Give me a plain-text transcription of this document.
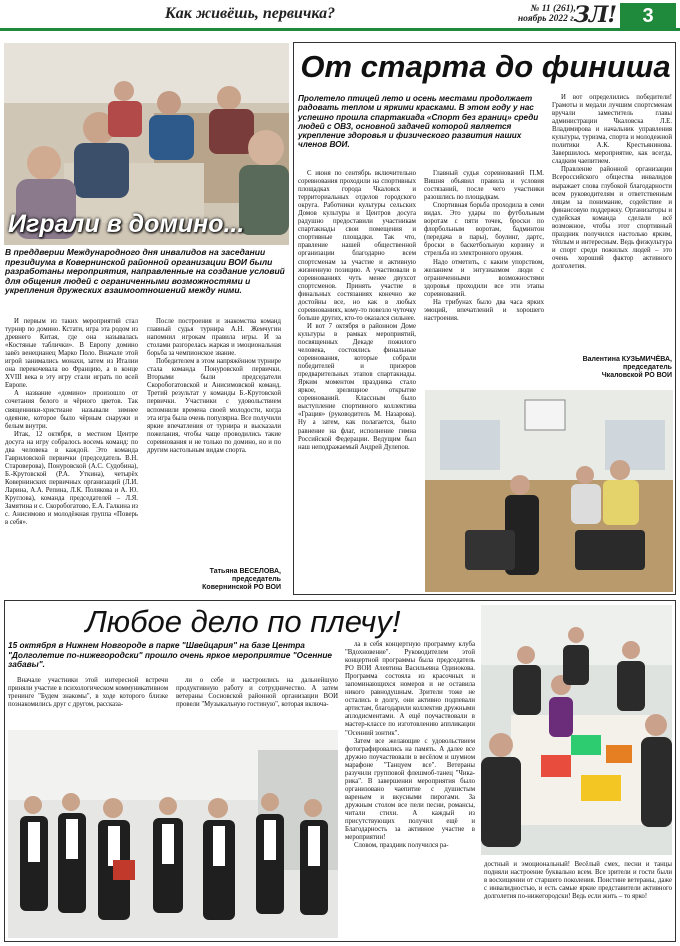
Как живёшь, первичка?	№ 11 (261),
ноябрь 2022 г.
ЗЛ!	3
Играли в домино...
В преддверии Международного дня инвалидов на заседании президиума в Ковернинской районной организации ВОИ были разработаны мероприятия, направленные на создание условий для общения людей с ограниченными возможностями и укрепления дружеских взаимоотношений между ними.

И первым из таких мероприятий стал турнир по домино. Кстати, игра эта родом из древнего Китая, где она называлась «Костяные таблички». В Европу домино завёз венецианец Марко Поло. Вначале этой игрой занимались монахи, затем из Италии она перекочевала во Францию, а в конце XVIII века в эту игру стали играть по всей Европе.

А название «домино» произошло от сочетания белого и чёрного цветов. Так священники-христиане называли зимнее одеяние, которое было чёрным снаружи и белым внутри.

Итак, 12 октября, в местном Центре досуга на игру собралось восемь команд: по два человека в каждой. Это команда Гавриловской первички (председатель В.Н. Староверова), Понуровской (А.С. Судобина), Б.-Крутовской (Р.А. Уткина), четырёх Ковернинских первичных организаций (Л.И. Ларина, А.А. Репина, Л.К. Полякова и А. Ю. Круглова), команда председателей – Л.Я. Замятина и с. Скоробогатово, Е.А. Галкина из с. Анисимово и молодёжная группа «Поверь в себя».

После построения и знакомства команд главный судья турнира А.Н. Жемчугин напомнил игрокам правила игры. И за столами разгорелась жаркая и эмоциональная борьба за чемпионское звание.

Победителем в этом напряжённом турнире стала команда Понуровской первички. Вторыми были председатели Скоробогатовской и Анисимовской команд. Третий результат у команды Б.-Крутовской первички. Участники с удовольствием вспомнили времена своей молодости, когда эта игра была очень популярна. Все получили яркие впечатления от турнира и высказали пожелания, чтобы чаще проводились такие соревнования и не только по домино, но и по другим настольным видам спорта.

Татьяна ВЕСЕЛОВА,
председатель
Ковернинской РО ВОИ
От старта до финиша
Пролетело птицей лето и осень местами продолжает радовать теплом и яркими красками. В этом году у нас успешно прошла спартакиада «Спорт без границ» среди людей с ОВЗ, основной задачей которой является укрепление здоровья и физического развития наших членов ВОИ.

С июня по сентябрь включительно соревнования проходили на спортивных площадках города Чкаловск и территориальных отделов городского округа. Работники культуры сельских Домов культуры и Центров досуга радушно предоставили участникам спартакиады свои помещения и спортивные площадки. Так что, правление нашей общественной организации благодарно всем спортсменам за участие и активную жизненную позицию. А участвовали в соревнованиях чуть менее двухсот спортсменов. Принять участие в финальных состязаниях конечно же достойны все, но как в любых соревнованиях, кому-то повезло чуточку больше других, кто-то оказался сильнее.

И вот 7 октября в районном Доме культуры в рамках мероприятий, посвященных Декаде пожилого человека, состоялись финальные соревнования, которые собрали победителей и призеров предварительных этапов спартакиады. Ярким моментом праздника стало яркое, зрелищное открытие соревнований. Классным было выступление спортивного коллектива «Грация» (руководитель М. Назарова). Ну а затем, как полагается, было равнение на флаг, исполнение гимна Российской Федерации. Ведущим был наш неподражаемый Андрей Дулепов.

Главный судья соревнований П.М. Вишня объявил правила и условия состязаний, после чего участники разошлись по площадкам.

Спортивная борьба проходила в семи видах. Это удары по футбольным воротам с пяти точек, броски по флорбольным воротам, бадминтон (передача в пары), боулинг, дартс, броски в баскетбольную корзину и стрельба из электронного оружия.

Надо отметить, с каким упорством, желанием и энтузиазмом люди с ограниченными возможностями здоровья проходили все эти этапы соревнований.

На трибунах было два часа ярких эмоций, впечатлений и хорошего настроения.

И вот определились победители! Грамоты и медали лучшим спортсменам вручали заместитель главы администрации Чкаловска Л.Е. Владимирова и начальник управления культуры, туризма, спорта и молодежной политики А.К. Крестьянинова. Завершилось мероприятие, как всегда, сладким чаепитием.

Правление районной организации Всероссийского общества инвалидов выражает слова глубокой благодарности всем руководителям и ответственным лицам за понимание, содействие и финансовую поддержку. Организаторы и судейская команда сделали всё возможное, чтобы этот спортивный праздник получился настолько ярким, тёплым и интересным. Ведь физкультура и спорт среди пожилых людей – это очень хороший фактор активного долголетия.

Валентина КУЗЬМИЧЁВА,
председатель
Чкаловской РО ВОИ
Любое дело по плечу!
15 октября в Нижнем Новгороде в парке "Швейцария" на базе Центра "Долголетие по-нижегородски" прошло очень яркое мероприятие "Осенние забавы".

Вначале участники этой интересной встречи приняли участие в психологическом коммуникативном тренинге "Будем знакомы", в ходе которого близке познакомились друг с другом, рассказа-

ли о себе и настроились на дальнейшую продуктивную работу и сотрудничество. А затем ветераны Сосновской районной организации ВОИ провели "Музыкальную гостиную", которая включа-

ла в себя концертную программу клуба "Вдохновение". Руководителем этой концертной программы была председатель РО ВОИ Алевтина Васильевна Одинокова. Программа состояла из красочных и запоминающихся номеров и не оставила никого равнодушным. Зрители тоже не остались в долгу, они активно подпевали артистам, благодарили коллектив дружными аплодисментами. А ещё поучаствовали в мастер-классе по изготовлению аппликации "Осенний зонтик".

Затем все желающие с удовольствием фотографировались на память. А далее все дружно поучаствовали в весёлом и шумном марафоне "Танцуем все". Ветераны разучили групповой флешмоб-танец "Чика-рика". В завершении мероприятия было организовано чаепитие с душистым вареньем и вкусными пирогами. За дружным столом все пели песни, романсы, читали стихи. А каждый из присутствующих получил ещё и Благодарность за активное участие в мероприятии!

Словом, праздник получился ра-

достный и эмоциональный! Весёлый смех, песни и танцы подняли настроение буквально всем. Все зрители и гости были в восхищении от старшего поколения. Поистине ветераны, даже с инвалидностью, и есть самые яркие представители активного долголетия по-нижегородски! Ведь если жить – то ярко!
